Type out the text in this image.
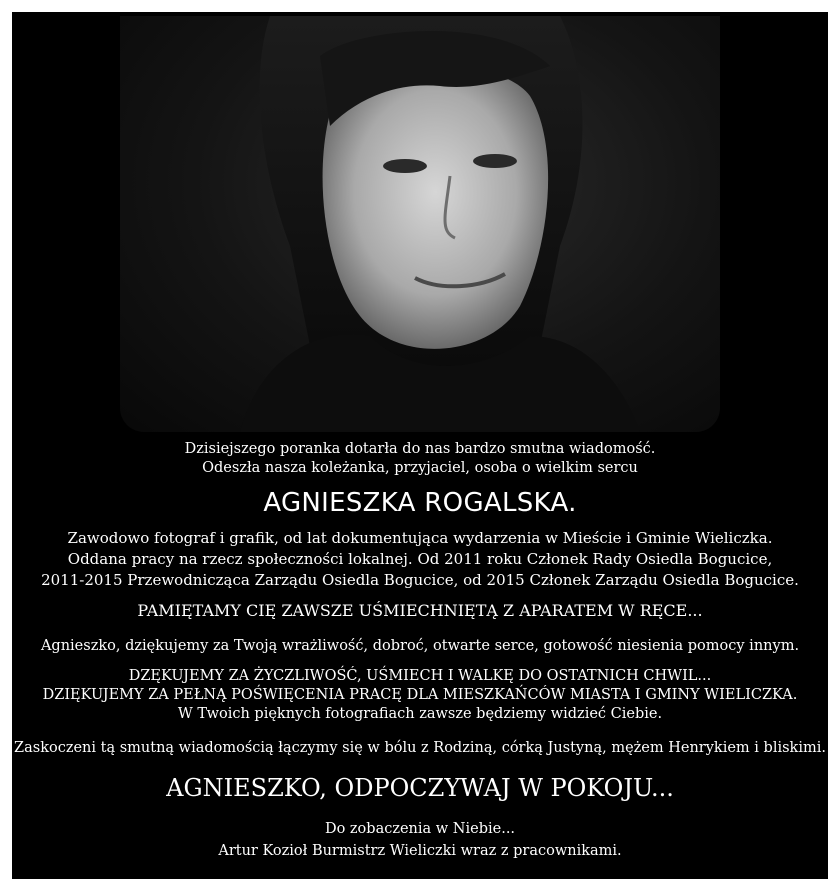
Dzisiejszego poranka dotarła do nas bardzo smutna wiadomość.

Odeszła nasza koleżanka, przyjaciel, osoba o wielkim sercu

AGNIESZKA ROGALSKA.

Zawodowo fotograf i grafik, od lat dokumentująca wydarzenia w Mieście i Gminie Wieliczka.

Oddana pracy na rzecz społeczności lokalnej. Od 2011 roku Członek Rady Osiedla Bogucice,

2011-2015 Przewodnicząca Zarządu Osiedla Bogucice, od 2015 Członek Zarządu Osiedla Bogucice.

PAMIĘTAMY CIĘ ZAWSZE UŚMIECHNIĘTĄ Z APARATEM W RĘCE...

Agnieszko, dziękujemy za Twoją wrażliwość, dobroć, otwarte serce, gotowość niesienia pomocy innym.

DZĘKUJEMY ZA ŻYCZLIWOŚĆ, UŚMIECH I WALKĘ DO OSTATNICH CHWIL...

DZIĘKUJEMY ZA PEŁNĄ POŚWIĘCENIA PRACĘ DLA MIESZKAŃCÓW MIASTA I GMINY WIELICZKA.

W Twoich pięknych fotografiach zawsze będziemy widzieć Ciebie.

Zaskoczeni tą smutną wiadomością łączymy się w bólu z Rodziną, córką Justyną, mężem Henrykiem i bliskimi.

AGNIESZKO, ODPOCZYWAJ W POKOJU...

Do zobaczenia w Niebie...

Artur Kozioł Burmistrz Wieliczki wraz z pracownikami.
